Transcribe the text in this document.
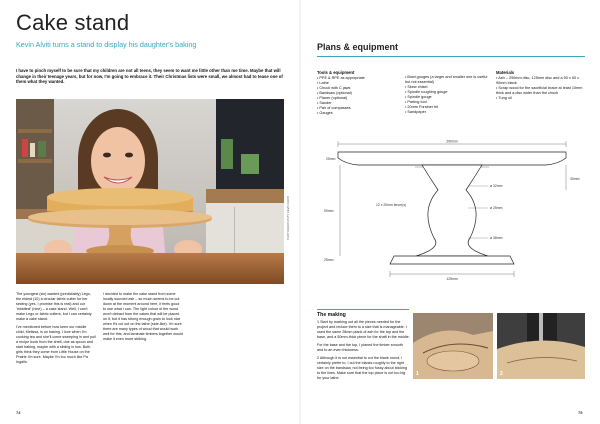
Cake stand
Kevin Alviti turns a stand to display his daughter's baking
I have to pinch myself to be sure that my children are not all teens, they seem to want me little other than me time. Maybe that will change in their teenage years, but for now, I'm going to embrace it. Their Christmas lists were small, we almost had to tease one of them what they wanted.
PHOTOGRAPHS BY KEVIN ALVITI

The youngest (six) wanted (predictably) Lego, the eldest (10) a circular fabric cutter for her sewing (yes, I promise this is real) and our 'middlest' (nine) – a cake stand. Well, I can't make Lego or fabric cutters, but I can certainly make a cake stand.

I've mentioned before how keen our middle child, Melissa, is on baking. I love when I'm cooking tea and she'll come sweeping in and pull a recipe book from the shelf, doe as spoon and start baking, maybe with a sibling in tow. Both girls think they come from Little House on the Prairie I'm sure. Maybe I'm too much like Pa Ingalls.

I decided to make the cake stand from some locally sourced ash – so much seems to be cut down at the moment around here, it feels good to use what I can. The light colour of the wood won't detract from the cakes that will be placed on it, but it has strong enough grain to look nice when it's cut out on the lathe (side-like). I'm sure there are many types of wood that would work well for this, and laminate timbers together would make it even more striking.

74
Plans & equipment
Tools & equipment
• PPE & RPE as appropriate
• Lathe
• Chuck with C jaws
• Bandsaw (optional)
• Planer (optional)
• Sander
• Pair of compasses
• Gauges
• Bowl gouges (a larger and smaller one is useful but not essential)
• Skew chisel
• Spindle roughing gouge
• Spindle gouge
• Parting tool
• 20mm Forstner bit
• Sandpaper
Materials
• Ash – 290mm disc, 125mm disc and a 50 x 50 x 90mm blank
• Scrap wood for the sacrificial brace at least 10mm thick and a disc wider than the chuck
• Tung oil
290mm
25mm
30mm
90mm
12 x 20mm tenon(s)
ø 32mm
ø 25mm
ø 38mm
25mm
125mm
The making

1 Start by marking out all the pieces needed for the project and reduce them to a size that is manageable. I used the same 28mm plank of ash for the top and the base, and a 50mm-thick piece for the shaft in the middle.

For the base and the top, I planed the timber smooth and to an even thickness.

2 Although it is not essential to cut the blank round, I certainly prefer to. I cut the blanks roughly to the right size on the bandsaw, not being too fussy about sticking to the lines. Make sure that the top piece is not too big for your lathe.

1	2
75
